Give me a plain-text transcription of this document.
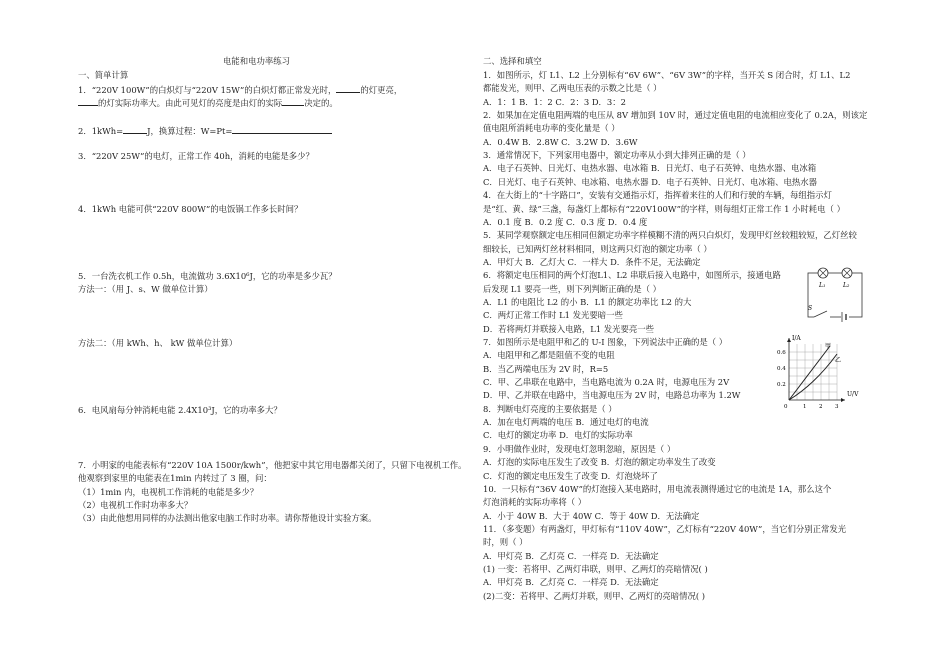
电能和电功率练习
一、简单计算
1．“220V 100W”的白炽灯与“220V 15W”的白炽灯都正常发光时，	的灯更亮，
的灯实际功率大。由此可见灯的亮度是由灯的实际	决定的。
2．1kWh=	J，换算过程：W=Pt=
3．“220V 25W”的电灯，正常工作 40h，消耗的电能是多少？
4．1kWh 电能可供“220V 800W”的电饭锅工作多长时间？
5．一台洗衣机工作 0.5h，电流做功 3.6X10⁶J，它的功率是多少瓦？
方法一：（用 J、s、W 做单位计算）
方法二：（用 kWh、h、 kW 做单位计算）
6．电风扇每分钟消耗电能 2.4X10³J，它的功率多大？
7．小明家的电能表标有“220V 10A 1500r/kwh”，他把家中其它用电器都关闭了，只留下电视机工作。
他观察到家里的电能表在1min 内转过了 3 圈，问：
（1）1min 内，电视机工作消耗的电能是多少？
（2）电视机工作时功率多大？
（3）由此他想用同样的办法测出他家电脑工作时功率。请你帮他设计实验方案。
二、选择和填空
1．如图所示，灯 L1、L2 上分别标有“6V 6W”、“6V 3W”的字样，当开关 S 闭合时，灯 L1、L2
都能发光，则甲、乙两电压表的示数之比是（ ）
A．1：1 B．1：2 C．2：3 D．3：2
2．如果加在定值电阻两端的电压从 8V 增加到 10V 时，通过定值电阻的电流相应变化了 0.2A，则该定
值电阻所消耗电功率的变化量是（ ）
A．0.4W B．2.8W C．3.2W D．3.6W
3．通常情况下，下列家用电器中，额定功率从小到大排列正确的是（ ）
A．电子石英钟、日光灯、电热水器、电冰箱 B．日光灯、电子石英钟、电热水器、电冰箱
C．日光灯、电子石英钟、电冰箱、电热水器 D．电子石英钟、日光灯、电冰箱、电热水器
4．在大街上的“十字路口”，安装有交通指示灯，指挥着来往的人们和行驶的车辆，每组指示灯
是“红、黄、绿”三盏，每盏灯上都标有“220V100W”的字样，则每组灯正常工作 1 小时耗电（ ）
A．0.1 度 B．0.2 度 C．0.3 度 D．0.4 度
5．某同学观察额定电压相同但额定功率字样模糊不清的两只白炽灯，发现甲灯丝较粗较短，乙灯丝较
细较长，已知两灯丝材料相同，则这两只灯泡的额定功率（ ）
A．甲灯大 B．乙灯大 C．一样大 D．条件不足，无法确定
6．将额定电压相同的两个灯泡L1、L2 串联后接入电路中，如图所示，接通电路
后发现 L1 要亮一些，则下列判断正确的是（ ）
A．L1 的电阻比 L2 的小 B．L1 的额定功率比 L2 的大
C．两灯正常工作时 L1 发光要暗一些
D．若将两灯并联接入电路，L1 发光要亮一些
7．如图所示是电阻甲和乙的 U-I 图象，下列说法中正确的是（ ）
A．电阻甲和乙都是阻值不变的电阻
B．当乙两端电压为 2V 时，R=5
C．甲、乙串联在电路中，当电路电流为 0.2A 时，电源电压为 2V
D．甲、乙并联在电路中，当电源电压为 2V 时，电路总功率为 1.2W
8．判断电灯亮度的主要依据是（ ）
A．加在电灯两端的电压 B．通过电灯的电流
C．电灯的额定功率 D．电灯的实际功率
9．小明做作业时，发现电灯忽明忽暗，原因是（ ）
A．灯泡的实际电压发生了改变 B．灯泡的额定功率发生了改变
C．灯泡的额定电压发生了改变 D．灯泡烧坏了
10．一只标有“36V 40W”的灯泡接入某电路时，用电流表测得通过它的电流是 1A，那么这个
灯泡消耗的实际功率将（ ）
A．小于 40W B．大于 40W C．等于 40W D．无法确定
11．（多变题）有两盏灯，甲灯标有“110V 40W”，乙灯标有“220V 40W”，当它们分别正常发光
时，则（ ）
A．甲灯亮 B．乙灯亮 C．一样亮 D．无法确定
(1) 一变：若将甲、乙两灯串联，则甲、乙两灯的亮暗情况( )
A．甲灯亮 B．乙灯亮 C．一样亮 D．无法确定
(2)二变：若将甲、乙两灯并联，则甲、乙两灯的亮暗情况( )
L₁	L₂
S
I/A
U/V
0.6
0.4
0.2
0	1 2 3
甲
乙
